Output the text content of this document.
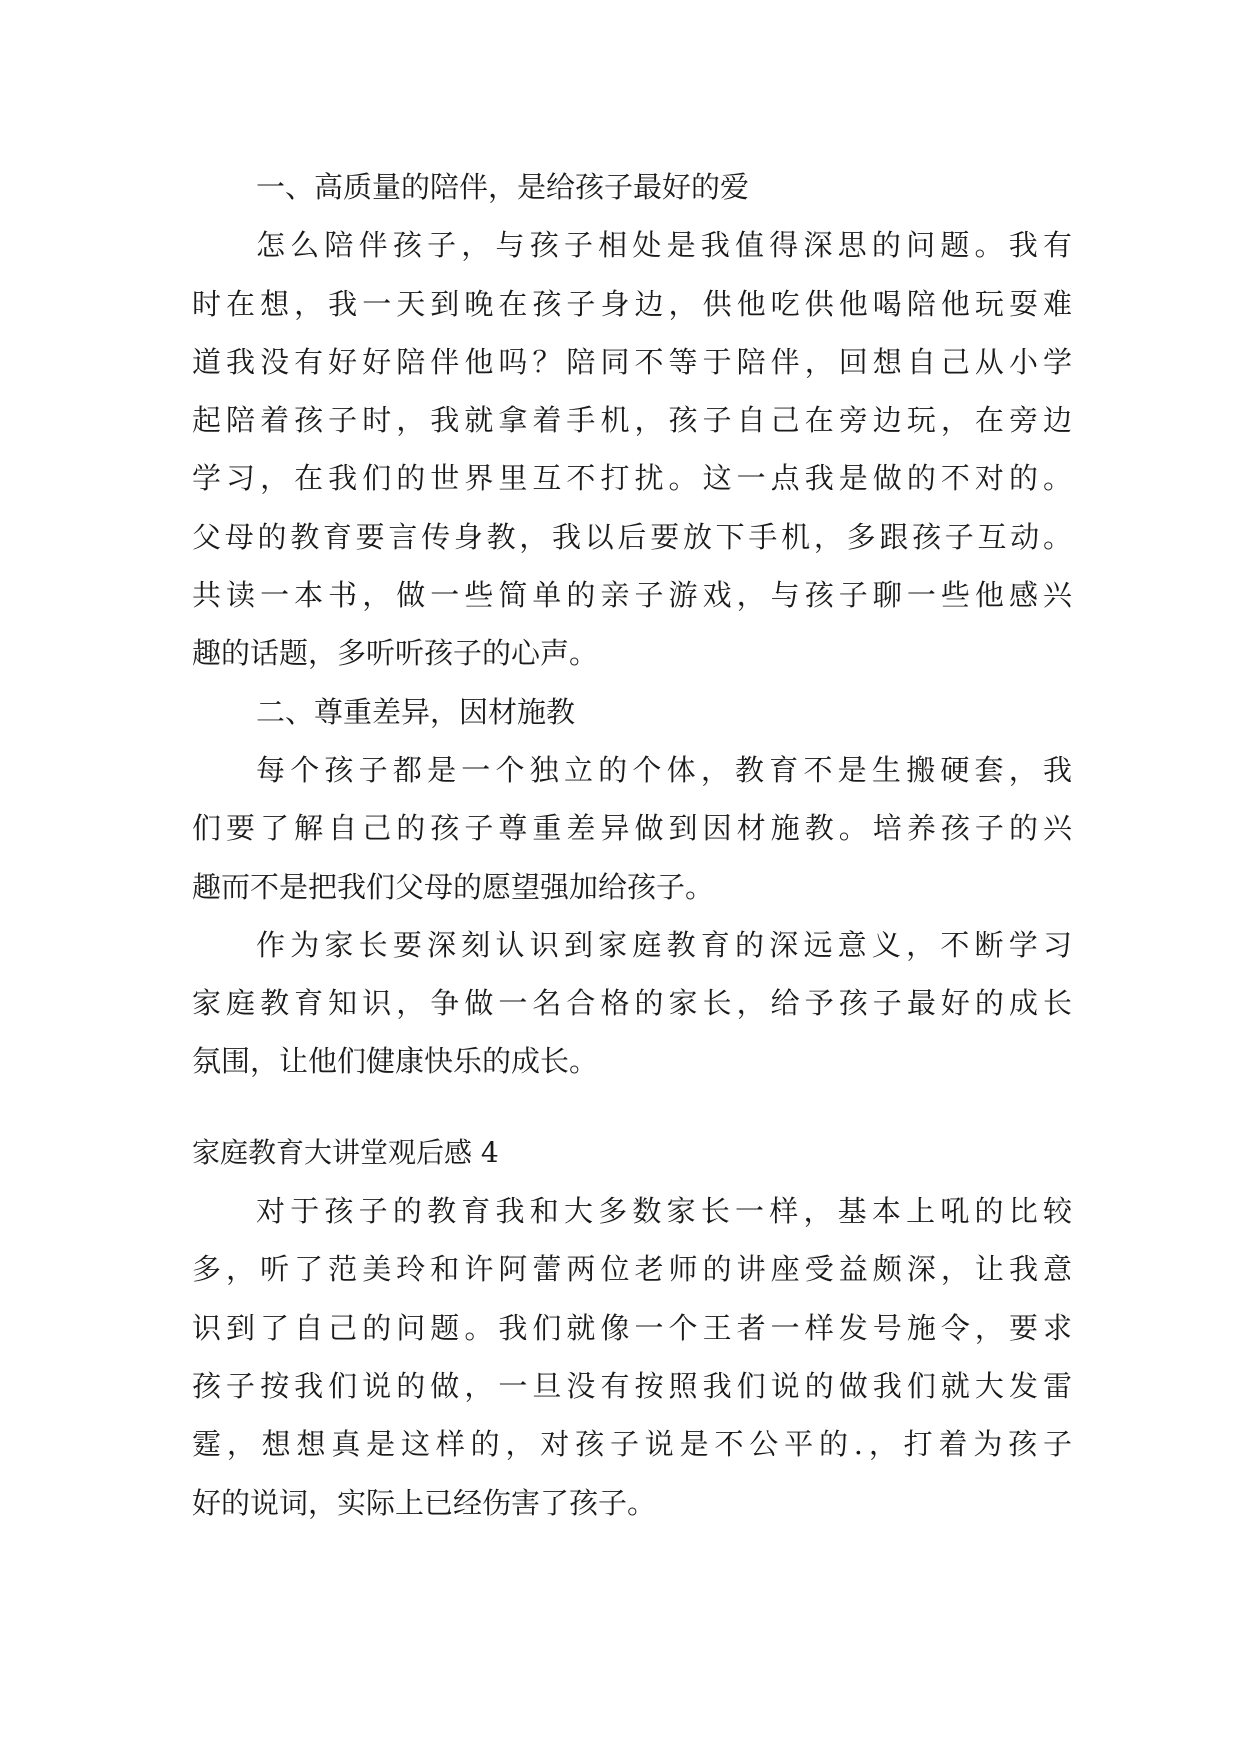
一、高质量的陪伴，是给孩子最好的爱
怎么陪伴孩子，与孩子相处是我值得深思的问题。我有
时在想，我一天到晚在孩子身边，供他吃供他喝陪他玩耍难
道我没有好好陪伴他吗？陪同不等于陪伴，回想自己从小学
起陪着孩子时，我就拿着手机，孩子自己在旁边玩，在旁边
学习，在我们的世界里互不打扰。这一点我是做的不对的。
父母的教育要言传身教，我以后要放下手机，多跟孩子互动。
共读一本书，做一些简单的亲子游戏，与孩子聊一些他感兴
趣的话题，多听听孩子的心声。
二、尊重差异，因材施教
每个孩子都是一个独立的个体，教育不是生搬硬套，我
们要了解自己的孩子尊重差异做到因材施教。培养孩子的兴
趣而不是把我们父母的愿望强加给孩子。
作为家长要深刻认识到家庭教育的深远意义，不断学习
家庭教育知识，争做一名合格的家长，给予孩子最好的成长
氛围，让他们健康快乐的成长。
家庭教育大讲堂观后感 4
对于孩子的教育我和大多数家长一样，基本上吼的比较
多，听了范美玲和许阿蕾两位老师的讲座受益颇深，让我意
识到了自己的问题。我们就像一个王者一样发号施令，要求
孩子按我们说的做，一旦没有按照我们说的做我们就大发雷
霆，想想真是这样的，对孩子说是不公平的.，打着为孩子
好的说词，实际上已经伤害了孩子。
